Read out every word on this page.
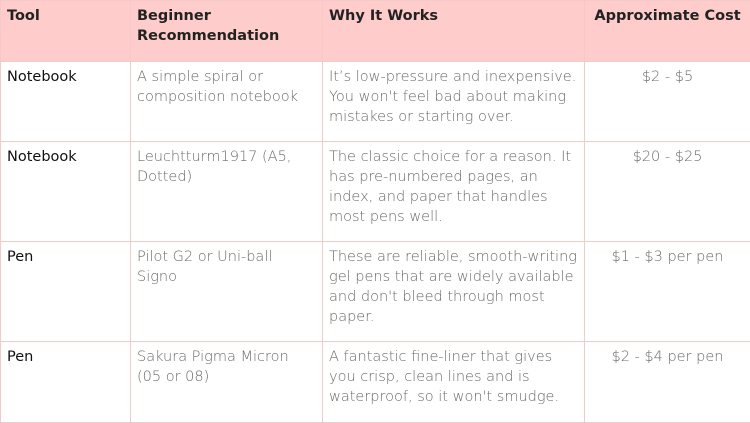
Tool	Beginner Recommendation	Why It Works	Approximate Cost
Notebook	A simple spiral or composition notebook	It’s low-pressure and inexpensive. You won't feel bad about making mistakes or starting over.	$2 - $5
Notebook	Leuchtturm1917 (A5, Dotted)	The classic choice for a reason. It has pre-numbered pages, an index, and paper that handles most pens well.	$20 - $25
Pen	Pilot G2 or Uni-ball Signo	These are reliable, smooth-writing gel pens that are widely available and don't bleed through most paper.	$1 - $3 per pen
Pen	Sakura Pigma Micron (05 or 08)	A fantastic fine-liner that gives you crisp, clean lines and is waterproof, so it won't smudge.	$2 - $4 per pen
